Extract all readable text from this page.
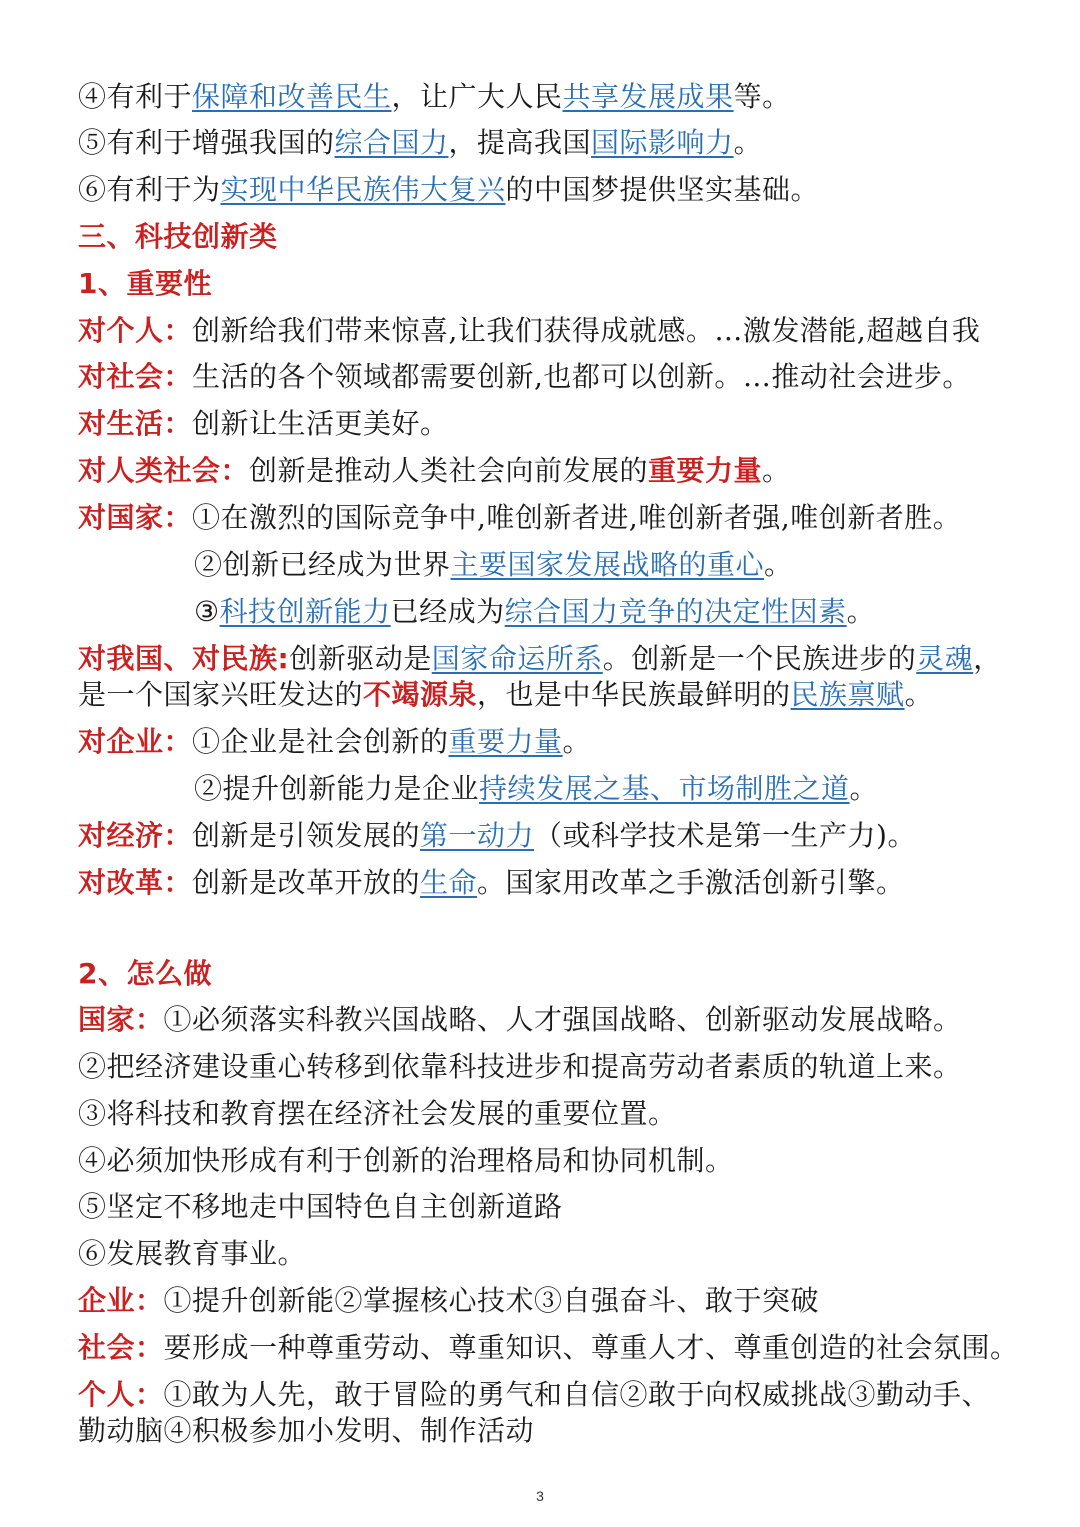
④有利于保障和改善民生，让广大人民共享发展成果等。
⑤有利于增强我国的综合国力，提高我国国际影响力。
⑥有利于为实现中华民族伟大复兴的中国梦提供坚实基础。
三、科技创新类
1、重要性
对个人：创新给我们带来惊喜,让我们获得成就感。…激发潜能,超越自我
对社会：生活的各个领域都需要创新,也都可以创新。…推动社会进步。
对生活：创新让生活更美好。
对人类社会：创新是推动人类社会向前发展的重要力量。
对国家：①在激烈的国际竞争中,唯创新者进,唯创新者强,唯创新者胜。
②创新已经成为世界主要国家发展战略的重心。
③科技创新能力已经成为综合国力竞争的决定性因素。
对我国、对民族:创新驱动是国家命运所系。创新是一个民族进步的灵魂，
是一个国家兴旺发达的不竭源泉，也是中华民族最鲜明的民族禀赋。
对企业：①企业是社会创新的重要力量。
②提升创新能力是企业持续发展之基、市场制胜之道。
对经济：创新是引领发展的第一动力（或科学技术是第一生产力)。
对改革：创新是改革开放的生命。国家用改革之手激活创新引擎。
2、怎么做
国家：①必须落实科教兴国战略、人才强国战略、创新驱动发展战略。
②把经济建设重心转移到依靠科技进步和提高劳动者素质的轨道上来。
③将科技和教育摆在经济社会发展的重要位置。
④必须加快形成有利于创新的治理格局和协同机制。
⑤坚定不移地走中国特色自主创新道路
⑥发展教育事业。
企业：①提升创新能②掌握核心技术③自强奋斗、敢于突破
社会：要形成一种尊重劳动、尊重知识、尊重人才、尊重创造的社会氛围。
个人：①敢为人先，敢于冒险的勇气和自信②敢于向权威挑战③勤动手、
勤动脑④积极参加小发明、制作活动
3
